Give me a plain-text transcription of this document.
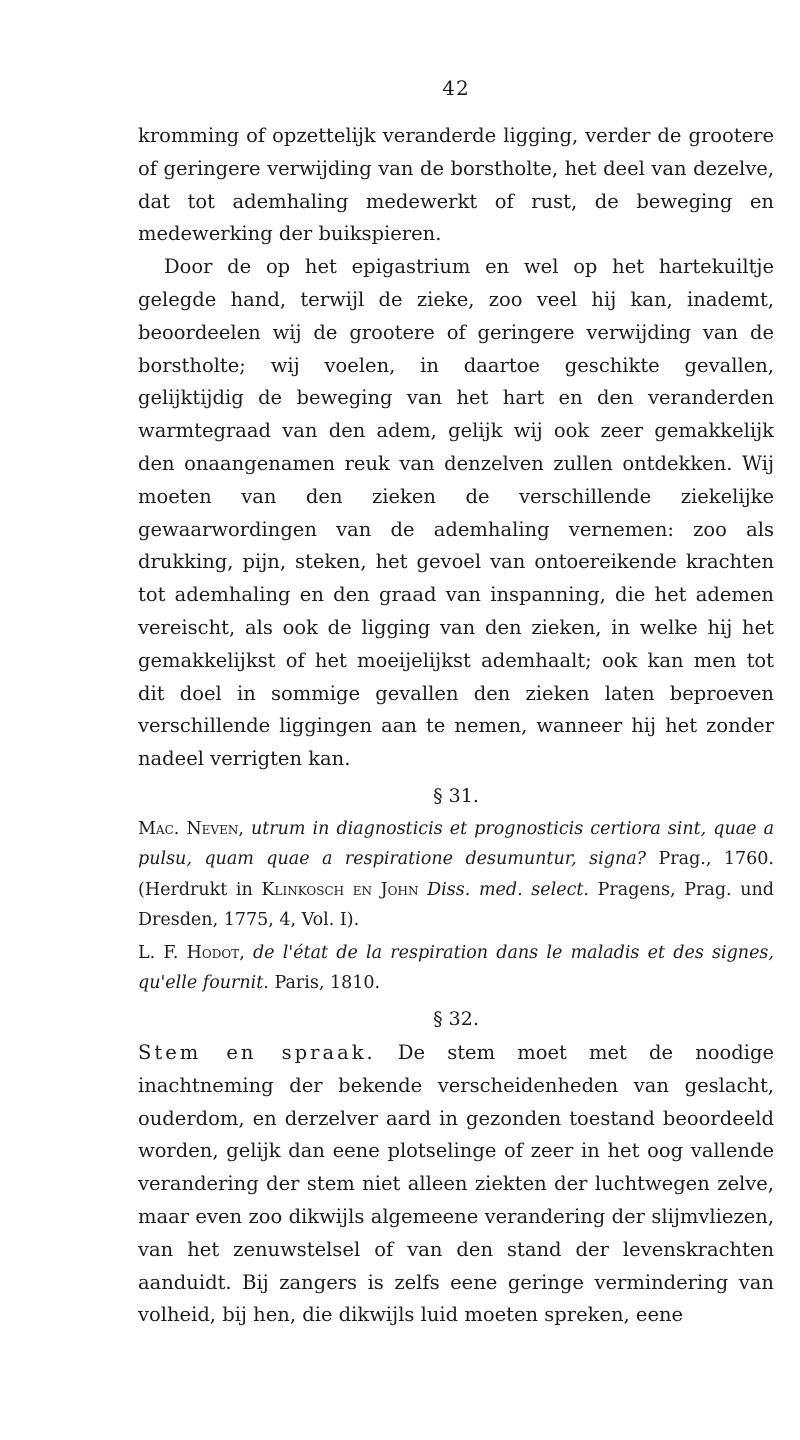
42

kromming of opzettelijk veranderde ligging, verder de grootere of geringere verwijding van de borstholte, het deel van dezelve, dat tot ademhaling medewerkt of rust, de beweging en medewerking der buikspieren.

Door de op het epigastrium en wel op het hartekuiltje gelegde hand, terwijl de zieke, zoo veel hij kan, inademt, beoordeelen wij de grootere of geringere verwijding van de borstholte; wij voelen, in daartoe geschikte gevallen, gelijktijdig de beweging van het hart en den veranderden warmtegraad van den adem, gelijk wij ook zeer gemakkelijk den onaangenamen reuk van denzelven zullen ontdekken. Wij moeten van den zieken de verschillende ziekelijke gewaarwordingen van de ademhaling vernemen: zoo als drukking, pijn, steken, het gevoel van ontoereikende krachten tot ademhaling en den graad van inspanning, die het ademen vereischt, als ook de ligging van den zieken, in welke hij het gemakkelijkst of het moeijelijkst ademhaalt; ook kan men tot dit doel in sommige gevallen den zieken laten beproeven verschillende liggingen aan te nemen, wanneer hij het zonder nadeel verrigten kan.

§ 31.

Mac. Neven, utrum in diagnosticis et prognosticis certiora sint, quae a pulsu, quam quae a respiratione desumuntur, signa? Prag., 1760. (Herdrukt in Klinkosch en John Diss. med. select. Pragens, Prag. und Dresden, 1775, 4, Vol. I).

L. F. Hodot, de l'état de la respiration dans le maladis et des signes, qu'elle fournit. Paris, 1810.

§ 32.

Stem en spraak. De stem moet met de noodige inachtneming der bekende verscheidenheden van geslacht, ouderdom, en derzelver aard in gezonden toestand beoordeeld worden, gelijk dan eene plotselinge of zeer in het oog vallende verandering der stem niet alleen ziekten der luchtwegen zelve, maar even zoo dikwijls algemeene verandering der slijmvliezen, van het zenuwstelsel of van den stand der levenskrachten aanduidt. Bij zangers is zelfs eene geringe vermindering van volheid, bij hen, die dikwijls luid moeten spreken, eene
